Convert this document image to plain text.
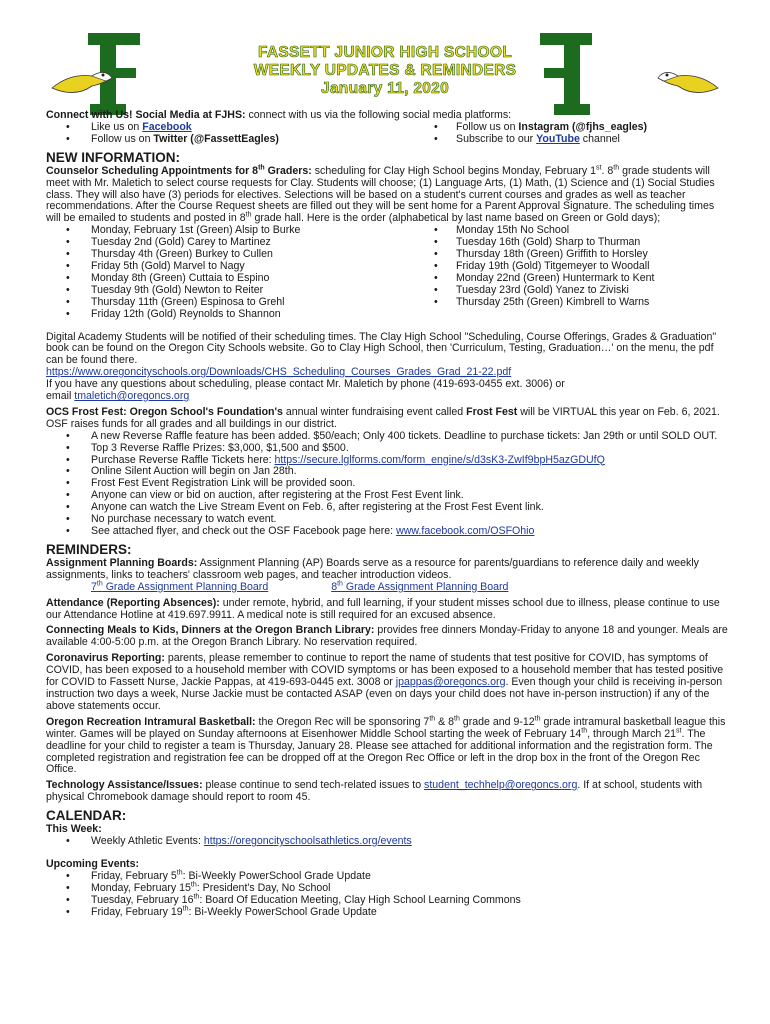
FASSETT JUNIOR HIGH SCHOOL
WEEKLY UPDATES & REMINDERS
January 11, 2020

Connect with Us! Social Media at FJHS: connect with us via the following social media platforms:

• Like us on Facebook
• Follow us on Twitter (@FassettEagles)
• Follow us on Instagram (@fjhs_eagles)
• Subscribe to our YouTube channel
NEW INFORMATION:

Counselor Scheduling Appointments for 8th Graders: scheduling for Clay High School begins Monday, February 1st. 8th grade students will meet with Mr. Maletich to select course requests for Clay. Students will choose; (1) Language Arts, (1) Math, (1) Science and (1) Social Studies class. They will also have (3) periods for electives. Selections will be based on a student's current courses and grades as well as teacher recommendations. After the Course Request sheets are filled out they will be sent home for a Parent Approval Signature. The scheduling times will be emailed to students and posted in 8th grade hall. Here is the order (alphabetical by last name based on Green or Gold days);

• Monday, February 1st (Green) Alsip to Burke
• Tuesday 2nd (Gold) Carey to Martinez
• Thursday 4th (Green) Burkey to Cullen
• Friday 5th (Gold) Marvel to Nagy
• Monday 8th (Green) Cuttaia to Espino
• Tuesday 9th (Gold) Newton to Reiter
• Thursday 11th (Green) Espinosa to Grehl
• Friday 12th (Gold) Reynolds to Shannon
• Monday 15th No School
• Tuesday 16th (Gold) Sharp to Thurman
• Thursday 18th (Green) Griffith to Horsley
• Friday 19th (Gold) Titgemeyer to Woodall
• Monday 22nd (Green) Huntermark to Kent
• Tuesday 23rd (Gold) Yanez to Ziviski
• Thursday 25th (Green) Kimbrell to Warns

Digital Academy Students will be notified of their scheduling times. The Clay High School "Scheduling, Course Offerings, Grades & Graduation" book can be found on the Oregon City Schools website. Go to Clay High School, then 'Curriculum, Testing, Graduation…' on the menu, the pdf can be found there.

https://www.oregoncityschools.org/Downloads/CHS_Scheduling_Courses_Grades_Grad_21-22.pdf

If you have any questions about scheduling, please contact Mr. Maletich by phone (419-693-0455 ext. 3006) or

email tmaletich@oregoncs.org

OCS Frost Fest: Oregon School's Foundation's annual winter fundraising event called Frost Fest will be VIRTUAL this year on Feb. 6, 2021. OSF raises funds for all grades and all buildings in our district.

• A new Reverse Raffle feature has been added. $50/each; Only 400 tickets. Deadline to purchase tickets: Jan 29th or until SOLD OUT.
• Top 3 Reverse Raffle Prizes: $3,000, $1,500 and $500.
• Purchase Reverse Raffle Tickets here: https://secure.lglforms.com/form_engine/s/d3sK3-ZwIf9bpH5azGDUfQ
• Online Silent Auction will begin on Jan 28th.
• Frost Fest Event Registration Link will be provided soon.
• Anyone can view or bid on auction, after registering at the Frost Fest Event link.
• Anyone can watch the Live Stream Event on Feb. 6, after registering at the Frost Fest Event link.
• No purchase necessary to watch event.
• See attached flyer, and check out the OSF Facebook page here: www.facebook.com/OSFOhio
REMINDERS:

Assignment Planning Boards: Assignment Planning (AP) Boards serve as a resource for parents/guardians to reference daily and weekly assignments, links to teachers' classroom web pages, and teacher introduction videos.

7th Grade Assignment Planning Board	8th Grade Assignment Planning Board

Attendance (Reporting Absences): under remote, hybrid, and full learning, if your student misses school due to illness, please continue to use our Attendance Hotline at 419.697.9911. A medical note is still required for an excused absence.

Connecting Meals to Kids, Dinners at the Oregon Branch Library: provides free dinners Monday-Friday to anyone 18 and younger. Meals are available 4:00-5:00 p.m. at the Oregon Branch Library. No reservation required.

Coronavirus Reporting: parents, please remember to continue to report the name of students that test positive for COVID, has symptoms of COVID, has been exposed to a household member with COVID symptoms or has been exposed to a household member that has tested positive for COVID to Fassett Nurse, Jackie Pappas, at 419-693-0445 ext. 3008 or jpappas@oregoncs.org. Even though your child is receiving in-person instruction two days a week, Nurse Jackie must be contacted ASAP (even on days your child does not have in-person instruction) if any of the above statements occur.

Oregon Recreation Intramural Basketball: the Oregon Rec will be sponsoring 7th & 8th grade and 9-12th grade intramural basketball league this winter. Games will be played on Sunday afternoons at Eisenhower Middle School starting the week of February 14th, through March 21st. The deadline for your child to register a team is Thursday, January 28. Please see attached for additional information and the registration form. The completed registration and registration fee can be dropped off at the Oregon Rec Office or left in the drop box in the front of the Oregon Rec Office.

Technology Assistance/Issues: please continue to send tech-related issues to student_techhelp@oregoncs.org. If at school, students with physical Chromebook damage should report to room 45.

CALENDAR:

This Week:

• Weekly Athletic Events: https://oregoncityschoolsathletics.org/events

Upcoming Events:

• Friday, February 5th: Bi-Weekly PowerSchool Grade Update
• Monday, February 15th: President's Day, No School
• Tuesday, February 16th: Board Of Education Meeting, Clay High School Learning Commons
• Friday, February 19th: Bi-Weekly PowerSchool Grade Update
